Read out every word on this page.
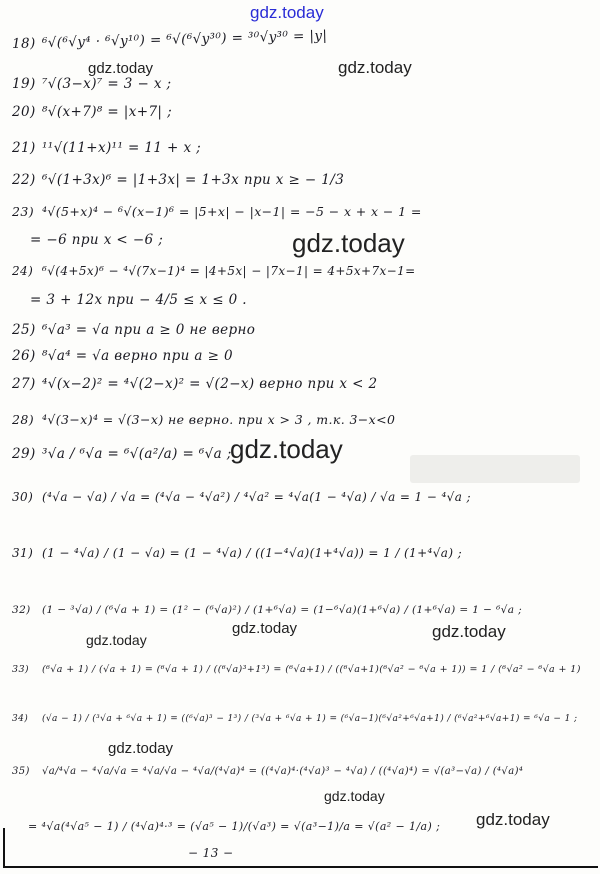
gdz.today
18) ⁶√(⁶√y⁴ · ⁶√y¹⁰) = ⁶√(⁶√y³⁰) = ³⁰√y³⁰ = |y|
gdz.today	gdz.today
19) ⁷√(3−x)⁷ = 3 − x ;
20) ⁸√(x+7)⁸ = |x+7| ;
21) ¹¹√(11+x)¹¹ = 11 + x ;
22) ⁶√(1+3x)⁶ = |1+3x| = 1+3x при x ≥ − 1/3
23) ⁴√(5+x)⁴ − ⁶√(x−1)⁶ = |5+x| − |x−1| = −5 − x + x − 1 =
= −6 при x < −6 ;	gdz.today
24) ⁶√(4+5x)⁶ − ⁴√(7x−1)⁴ = |4+5x| − |7x−1| = 4+5x+7x−1=
= 3 + 12x при − 4/5 ≤ x ≤ 0 .
25) ⁶√a³ = √a при a ≥ 0 не верно
26) ⁸√a⁴ = √a верно при a ≥ 0
27) ⁴√(x−2)² = ⁴√(2−x)² = √(2−x) верно при x < 2
28) ⁴√(3−x)⁴ = √(3−x) не верно. при x > 3 , т.к. 3−x<0
29) ³√a / ⁶√a = ⁶√(a²/a) = ⁶√a ;
gdz.today
30) (⁴√a − √a) / √a = (⁴√a − ⁴√a²) / ⁴√a² = ⁴√a(1 − ⁴√a) / √a = 1 − ⁴√a ;
31) (1 − ⁴√a) / (1 − √a) = (1 − ⁴√a) / ((1−⁴√a)(1+⁴√a)) = 1 / (1+⁴√a) ;
32) (1 − ³√a) / (⁶√a + 1) = (1² − (⁶√a)²) / (1+⁶√a) = (1−⁶√a)(1+⁶√a) / (1+⁶√a) = 1 − ⁶√a ;
gdz.today	gdz.today
gdz.today
33) (⁶√a + 1) / (√a + 1) = (⁶√a + 1) / ((⁶√a)³+1³) = (⁶√a+1) / ((⁶√a+1)(⁶√a² − ⁶√a + 1)) = 1 / (⁶√a² − ⁶√a + 1)
34) (√a − 1) / (³√a + ⁶√a + 1) = ((⁶√a)³ − 1³) / (³√a + ⁶√a + 1) = (⁶√a−1)(⁶√a²+⁶√a+1) / (⁶√a²+⁶√a+1) = ⁶√a − 1 ;
gdz.today
35) √a/⁴√a − ⁴√a/√a = ⁴√a/√a − ⁴√a/(⁴√a)⁴ = ((⁴√a)⁴·(⁴√a)³ − ⁴√a) / ((⁴√a)⁴) = √(a³−√a) / (⁴√a)⁴
gdz.today
gdz.today
= ⁴√a(⁴√a⁵ − 1) / (⁴√a)⁴·³ = (√a⁵ − 1)/(√a³) = √(a³−1)/a = √(a² − 1/a) ;
− 13 −
